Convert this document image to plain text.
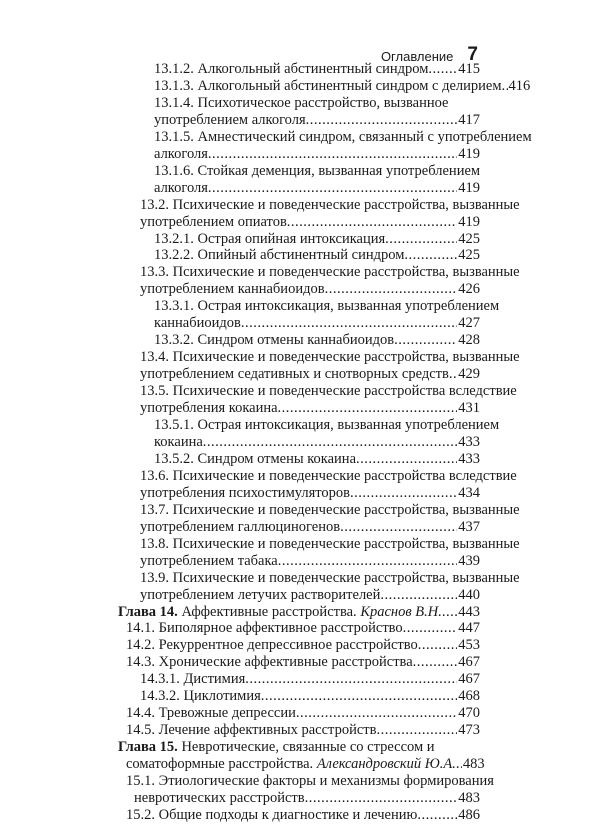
Оглавление 7
13.1.2. Алкогольный абстинентный синдром ..... 415
13.1.3. Алкогольный абстинентный синдром с делирием ..... 416
13.1.4. Психотическое расстройство, вызванное
употреблением алкоголя .....	417
13.1.5. Амнестический синдром, связанный с употреблением
алкоголя .....	419
13.1.6. Стойкая деменция, вызванная употреблением
алкоголя .....	419
13.2. Психические и поведенческие расстройства, вызванные
употреблением опиатов .....	419
13.2.1. Острая опийная интоксикация .....	425
13.2.2. Опийный абстинентный синдром .....	425
13.3. Психические и поведенческие расстройства, вызванные
употреблением каннабиоидов .....	426
13.3.1. Острая интоксикация, вызванная употреблением
каннабиоидов .....	427
13.3.2. Синдром отмены каннабиоидов .....	428
13.4. Психические и поведенческие расстройства, вызванные
употреблением седативных и снотворных средств ..... 429
13.5. Психические и поведенческие расстройства вследствие
употребления кокаина .....	431
13.5.1. Острая интоксикация, вызванная употреблением
кокаина .....	433
13.5.2. Синдром отмены кокаина .....	433
13.6. Психические и поведенческие расстройства вследствие
употребления психостимуляторов .....	434
13.7. Психические и поведенческие расстройства, вызванные
употреблением галлюциногенов .....	437
13.8. Психические и поведенческие расстройства, вызванные
употреблением табака .....	439
13.9. Психические и поведенческие расстройства, вызванные
употреблением летучих растворителей .....	440
Глава 14. Аффективные расстройства. Краснов В.Н. ..... 443
14.1. Биполярное аффективное расстройство .....	447
14.2. Рекуррентное депрессивное расстройство .....	453
14.3. Хронические аффективные расстройства .....	467
14.3.1. Дистимия .....	467
14.3.2. Циклотимия .....	468
14.4. Тревожные депрессии .....	470
14.5. Лечение аффективных расстройств .....	473
Глава 15. Невротические, связанные со стрессом и
соматоформные расстройства. Александровский Ю.А. ..... 483
15.1. Этиологические факторы и механизмы формирования
невротических расстройств .....	483
15.2. Общие подходы к диагностике и лечению .....	486
